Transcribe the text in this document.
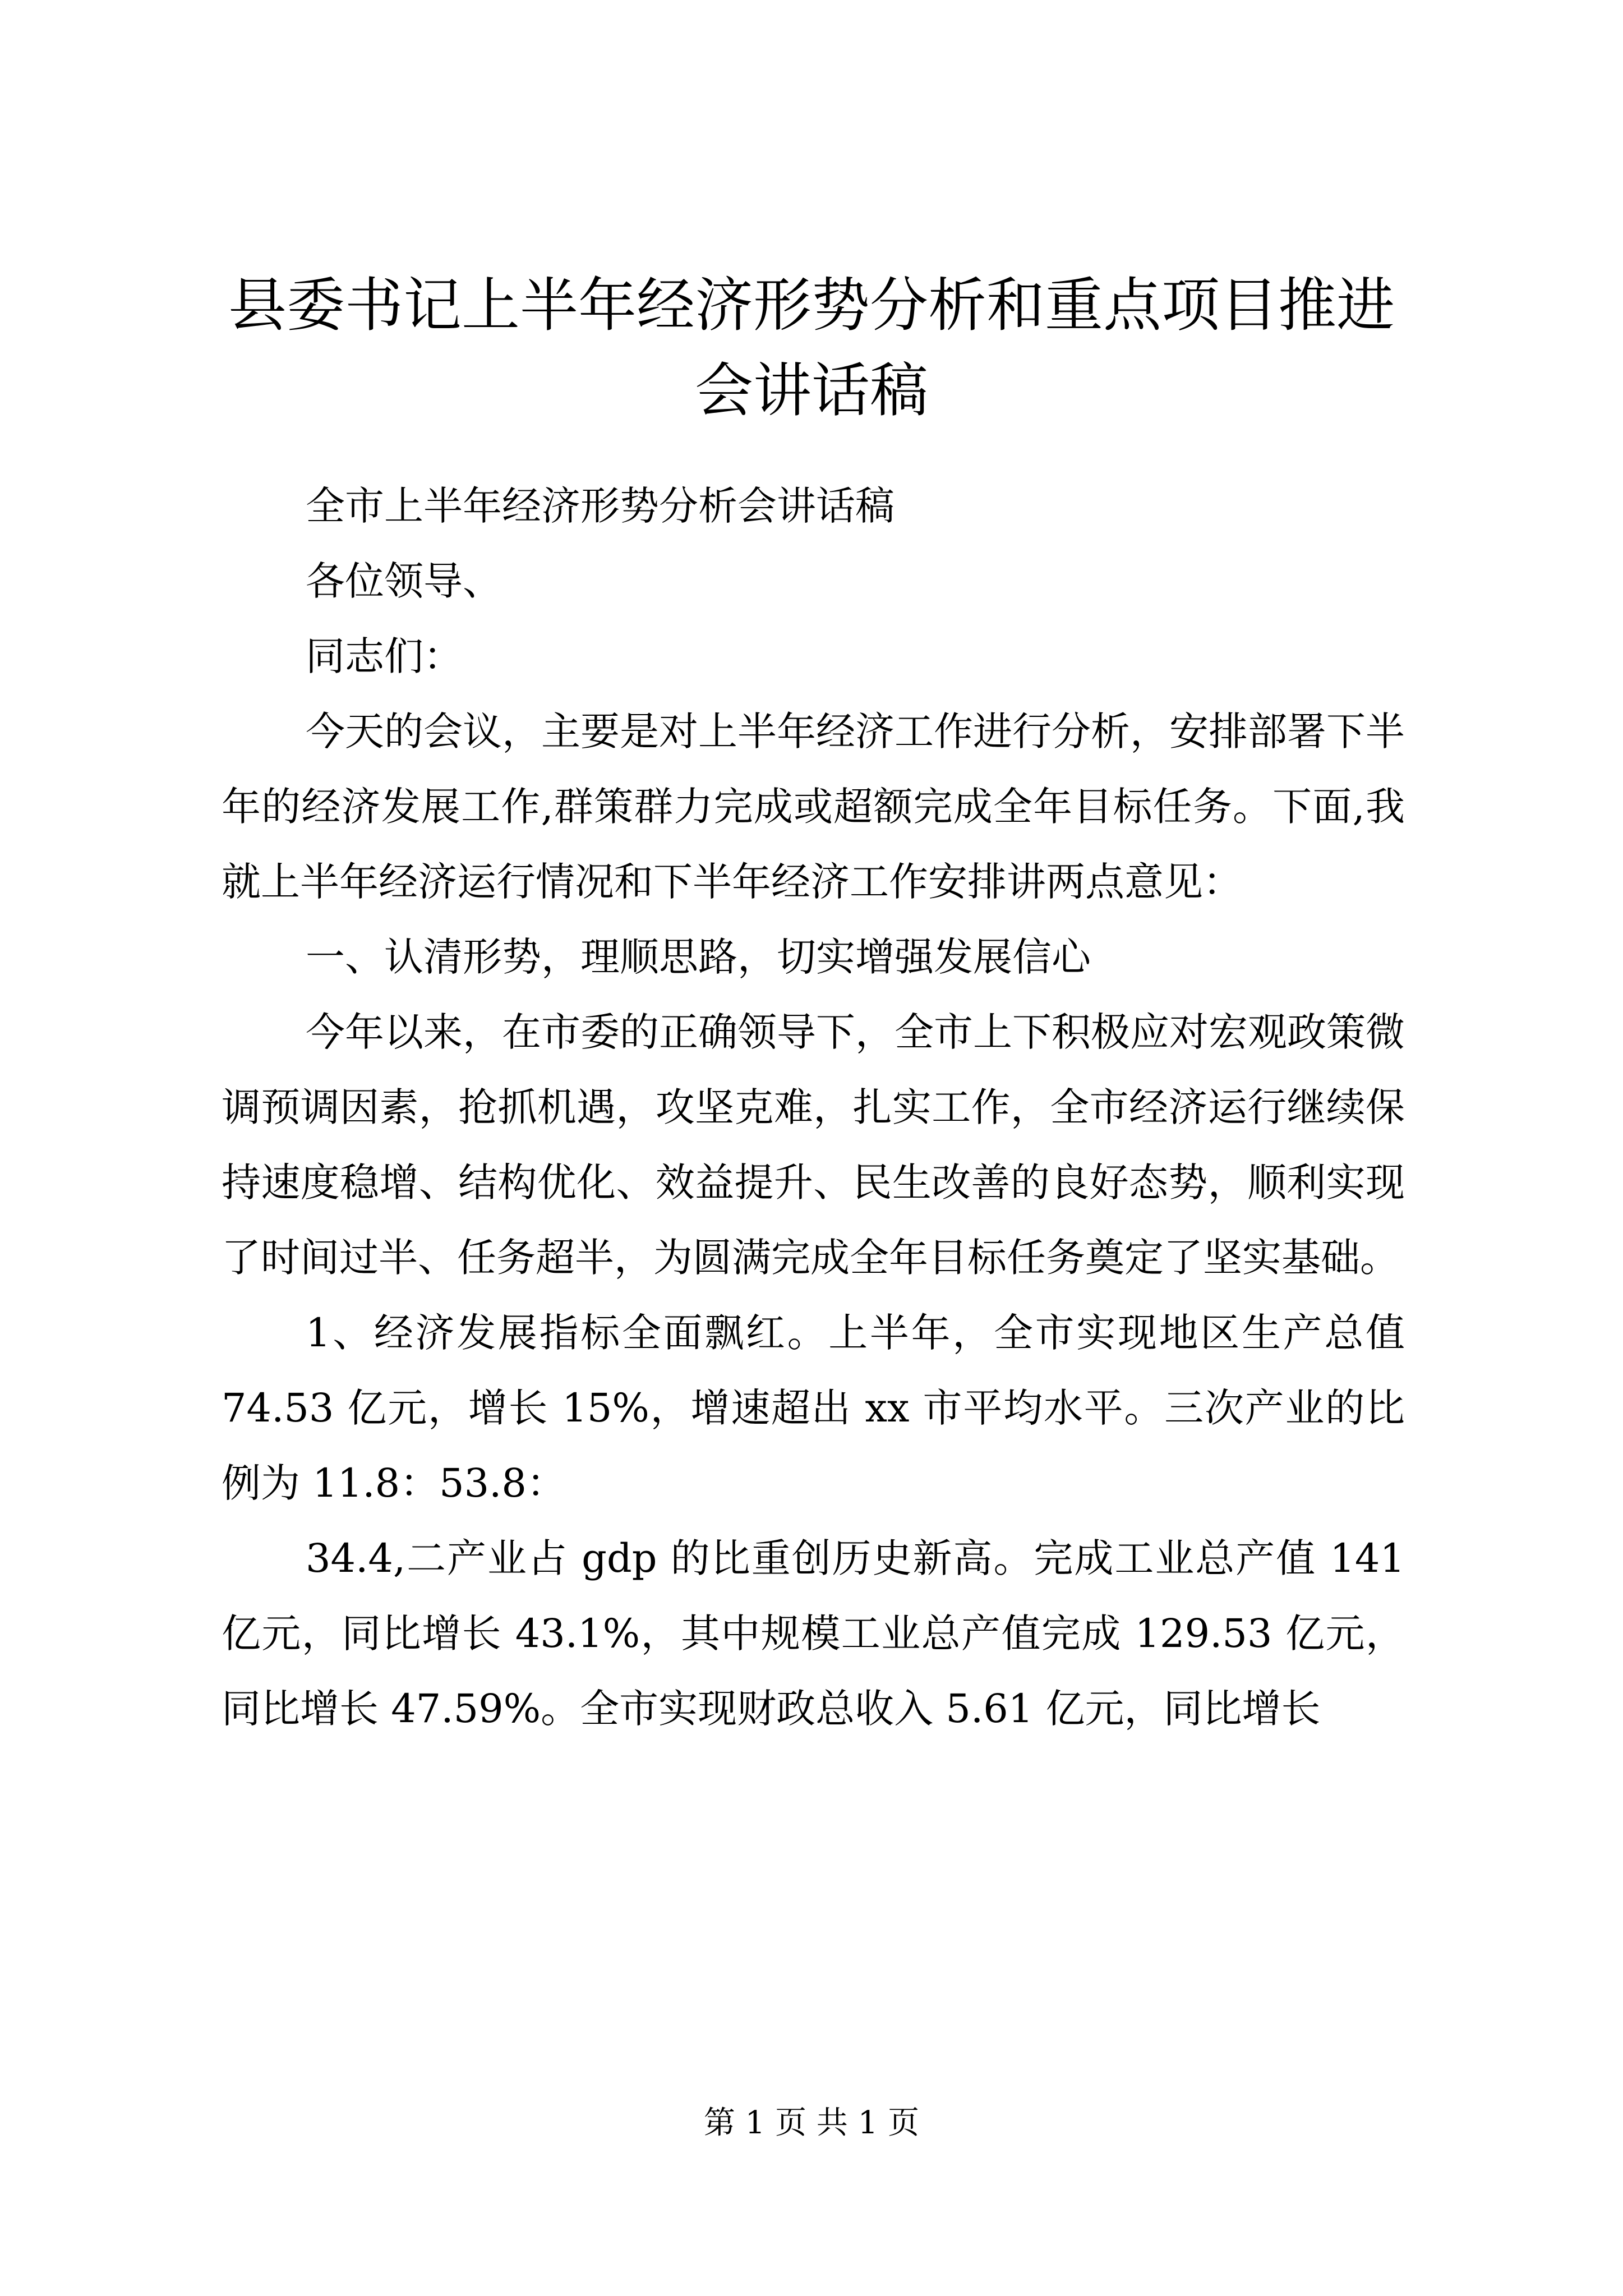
县委书记上半年经济形势分析和重点项目推进
会讲话稿

全市上半年经济形势分析会讲话稿

各位领导、

同志们：

今天的会议，主要是对上半年经济工作进行分析，安排部署下半年的经济发展工作,群策群力完成或超额完成全年目标任务。下面,我就上半年经济运行情况和下半年经济工作安排讲两点意见：

一、认清形势，理顺思路，切实增强发展信心

今年以来，在市委的正确领导下，全市上下积极应对宏观政策微调预调因素，抢抓机遇，攻坚克难，扎实工作，全市经济运行继续保持速度稳增、结构优化、效益提升、民生改善的良好态势，顺利实现了时间过半、任务超半，为圆满完成全年目标任务奠定了坚实基础。

1、经济发展指标全面飘红。上半年，全市实现地区生产总值 74.53 亿元，增长 15%，增速超出 xx 市平均水平。三次产业的比例为 11.8：53.8：

34.4,二产业占 gdp 的比重创历史新高。完成工业总产值 141 亿元，同比增长 43.1%，其中规模工业总产值完成 129.53 亿元，同比增长 47.59%。全市实现财政总收入 5.61 亿元，同比增长

第 1 页 共 1 页
